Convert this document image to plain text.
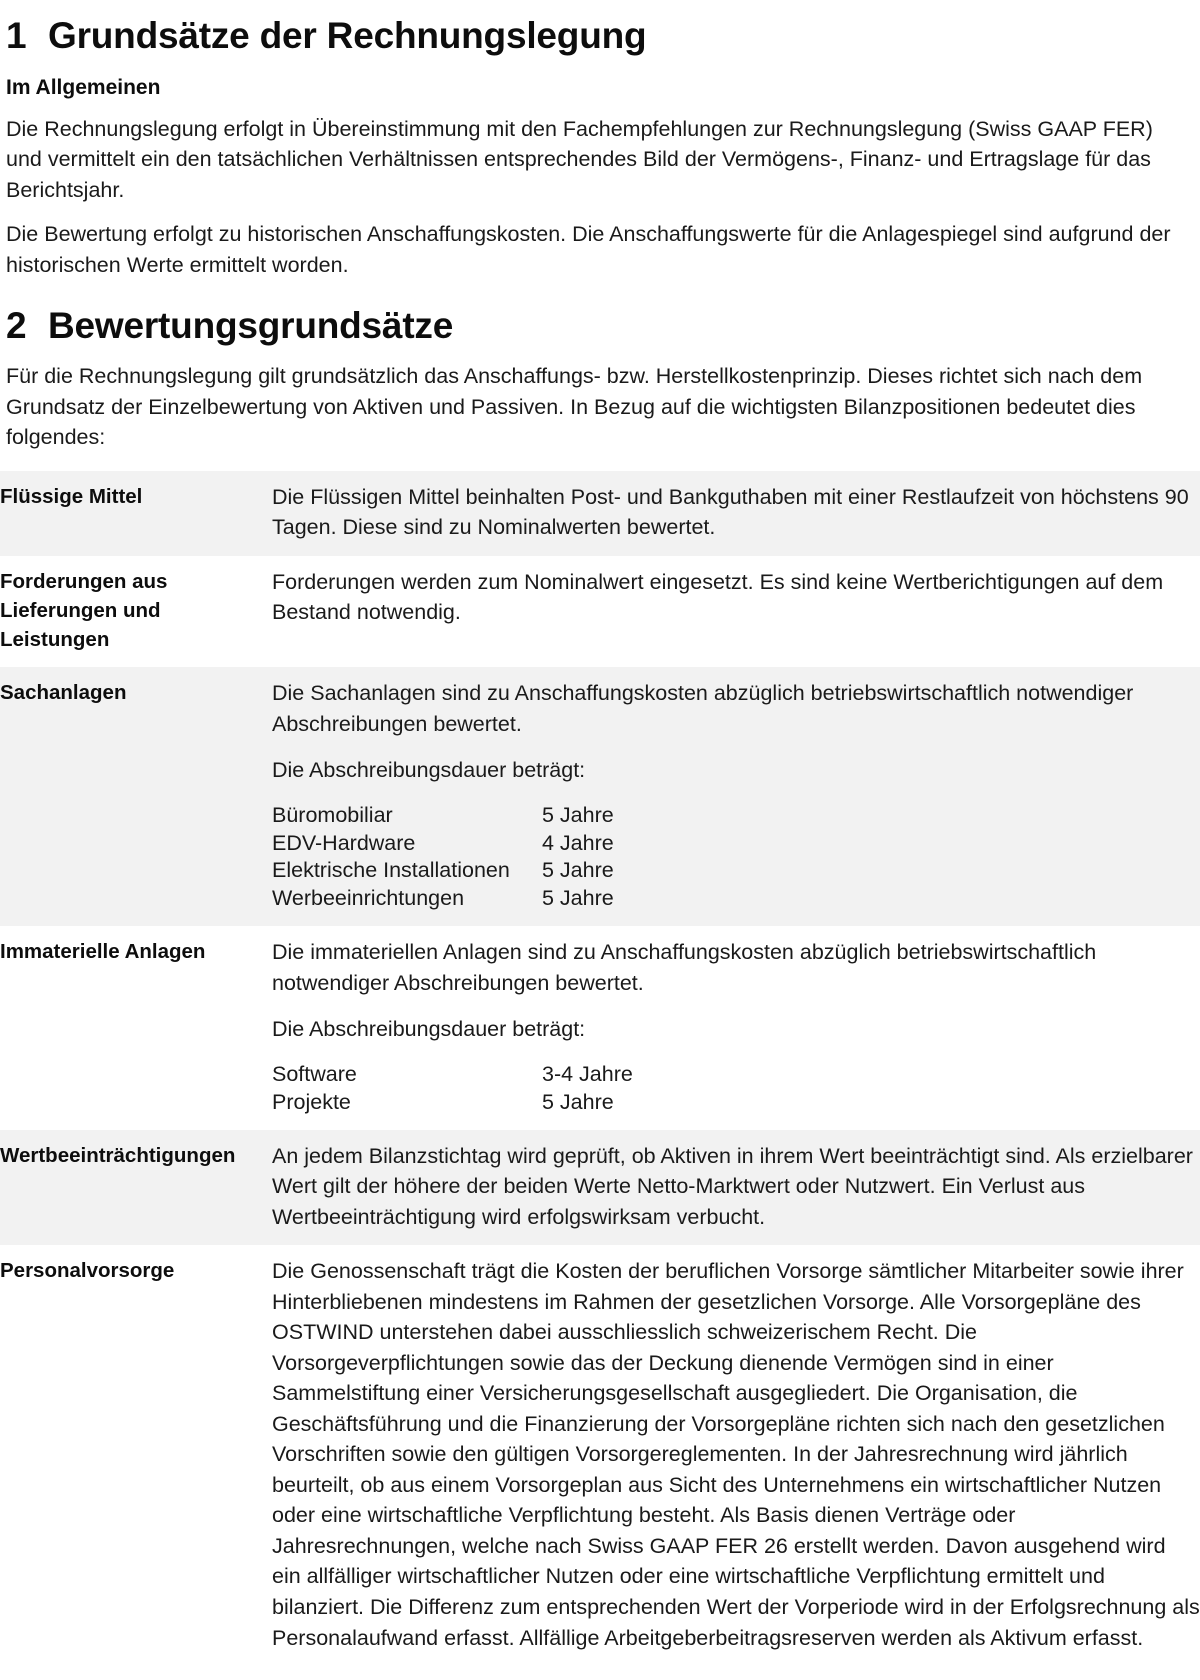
1 Grundsätze der Rechnungslegung
Im Allgemeinen

Die Rechnungslegung erfolgt in Übereinstimmung mit den Fachempfehlungen zur Rechnungslegung (Swiss GAAP FER) und vermittelt ein den tatsächlichen Verhältnissen entsprechendes Bild der Vermögens-, Finanz- und Ertragslage für das Berichtsjahr.

Die Bewertung erfolgt zu historischen Anschaffungskosten. Die Anschaffungswerte für die Anlagespiegel sind aufgrund der historischen Werte ermittelt worden.

2 Bewertungsgrundsätze

Für die Rechnungslegung gilt grundsätzlich das Anschaffungs- bzw. Herstellkostenprinzip. Dieses richtet sich nach dem Grundsatz der Einzelbewertung von Aktiven und Passiven. In Bezug auf die wichtigsten Bilanzpositionen bedeutet dies folgendes:

Flüssige Mittel	Die Flüssigen Mittel beinhalten Post- und Bankguthaben mit einer Restlaufzeit von höchstens 90 Tagen. Diese sind zu Nominalwerten bewertet.

Forderungen aus Lieferungen und Leistungen	Forderungen werden zum Nominalwert eingesetzt. Es sind keine Wertberichtigungen auf dem Bestand notwendig.

Sachanlagen	Die Sachanlagen sind zu Anschaffungskosten abzüglich betriebswirtschaftlich notwendiger Abschreibungen bewertet.

Die Abschreibungsdauer beträgt:

Büromobiliar	5 Jahre
EDV-Hardware	4 Jahre
Elektrische Installationen	5 Jahre
Werbeeinrichtungen	5 Jahre

Immaterielle Anlagen	Die immateriellen Anlagen sind zu Anschaffungskosten abzüglich betriebswirtschaftlich notwendiger Abschreibungen bewertet.

Die Abschreibungsdauer beträgt:

Software	3-4 Jahre
Projekte	5 Jahre

Wertbeeinträchtigungen	An jedem Bilanzstichtag wird geprüft, ob Aktiven in ihrem Wert beeinträchtigt sind. Als erzielbarer Wert gilt der höhere der beiden Werte Netto-Marktwert oder Nutzwert. Ein Verlust aus Wertbeeinträchtigung wird erfolgswirksam verbucht.

Personalvorsorge	Die Genossenschaft trägt die Kosten der beruflichen Vorsorge sämtlicher Mitarbeiter sowie ihrer Hinterbliebenen mindestens im Rahmen der gesetzlichen Vorsorge. Alle Vorsorgepläne des OSTWIND unterstehen dabei ausschliesslich schweizerischem Recht. Die Vorsorgeverpflichtungen sowie das der Deckung dienende Vermögen sind in einer Sammelstiftung einer Versicherungsgesellschaft ausgegliedert. Die Organisation, die Geschäftsführung und die Finanzierung der Vorsorgepläne richten sich nach den gesetzlichen Vorschriften sowie den gültigen Vorsorgereglementen. In der Jahresrechnung wird jährlich beurteilt, ob aus einem Vorsorgeplan aus Sicht des Unternehmens ein wirtschaftlicher Nutzen oder eine wirtschaftliche Verpflichtung besteht. Als Basis dienen Verträge oder Jahresrechnungen, welche nach Swiss GAAP FER 26 erstellt werden. Davon ausgehend wird ein allfälliger wirtschaftlicher Nutzen oder eine wirtschaftliche Verpflichtung ermittelt und bilanziert. Die Differenz zum entsprechenden Wert der Vorperiode wird in der Erfolgsrechnung als Personalaufwand erfasst. Allfällige Arbeitgeberbeitragsreserven werden als Aktivum erfasst.
